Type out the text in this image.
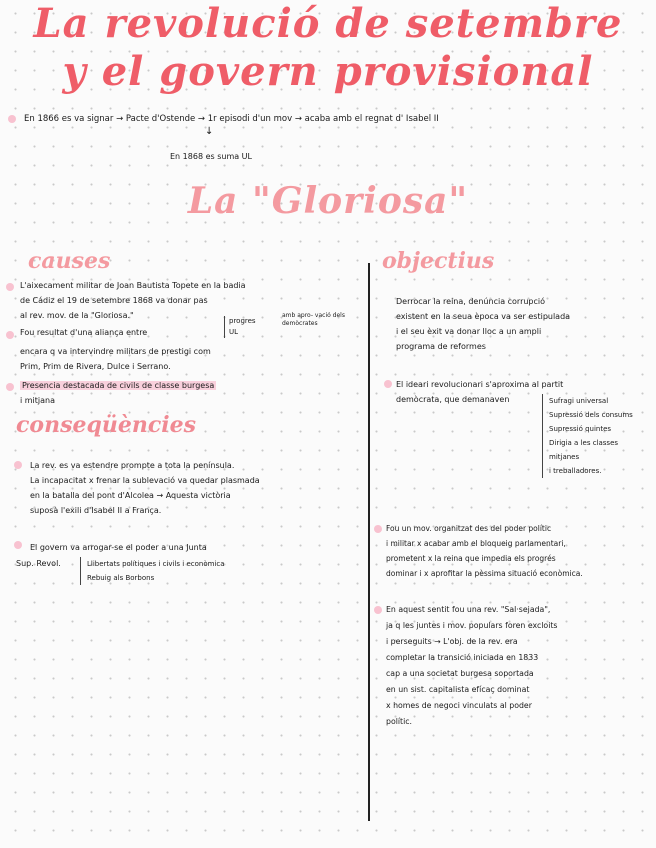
La revolució de setembre
y el govern provisional
En 1866 es va signar → Pacte d'Ostende → 1r episodi d'un mov → acaba amb el regnat d' Isabel II
↓
En 1868 es suma UL
La "Gloriosa"
causes
L'aixecament militar de Joan Bautista Topete en la badia
de Cádiz el 19 de setembre 1868 va donar pas
al rev. mov. de la "Gloriosa."
Fou resultat d'una aliança entre
progres
UL
amb apro- vació dels demòcrates
encara q va intervindre militars de prestigi com
Prim, Prim de Rivera, Dulce i Serrano.
Presencia destacada de civils de classe burgesa
i mitjana
conseqüències
La rev. es va estendre prompte a tota la península.
La incapacitat x frenar la sublevació va quedar plasmada
en la batalla del pont d'Alcolea → Aquesta victòria
suposà l'exili d'Isabel II a França.
El govern va arrogar-se el poder a una Junta
Sup. Revol.	Llibertats polítiques i civils i econòmica
Rebuig als Borbons
objectius
Derrocar la reina, denúncia corrupció
existent en la seua època va ser estipulada
i el seu èxit va donar lloc a un ampli
programa de reformes
El ideari revolucionari s'aproxima al partit
demòcrata, que demanaven	Sufragi universal
Supressió dels consums
Supressió quintes
Dirigia a les classes mitjanes
i treballadores.
Fou un mov. organitzat des del poder polític
i militar x acabar amb el bloqueig parlamentari,
prometent x la reina que impedia els progrés
dominar i x aprofitar la pèssima situació econòmica.
En aquest sentit fou una rev. "Sal·sejada",
ja q les juntes i mov. populars foren excloits
i perseguits → L'obj. de la rev. era
completar la transició iniciada en 1833
cap a una societat burgesa soportada
en un sist. capitalista efícaç dominat
x homes de negoci vinculats al poder
polític.
